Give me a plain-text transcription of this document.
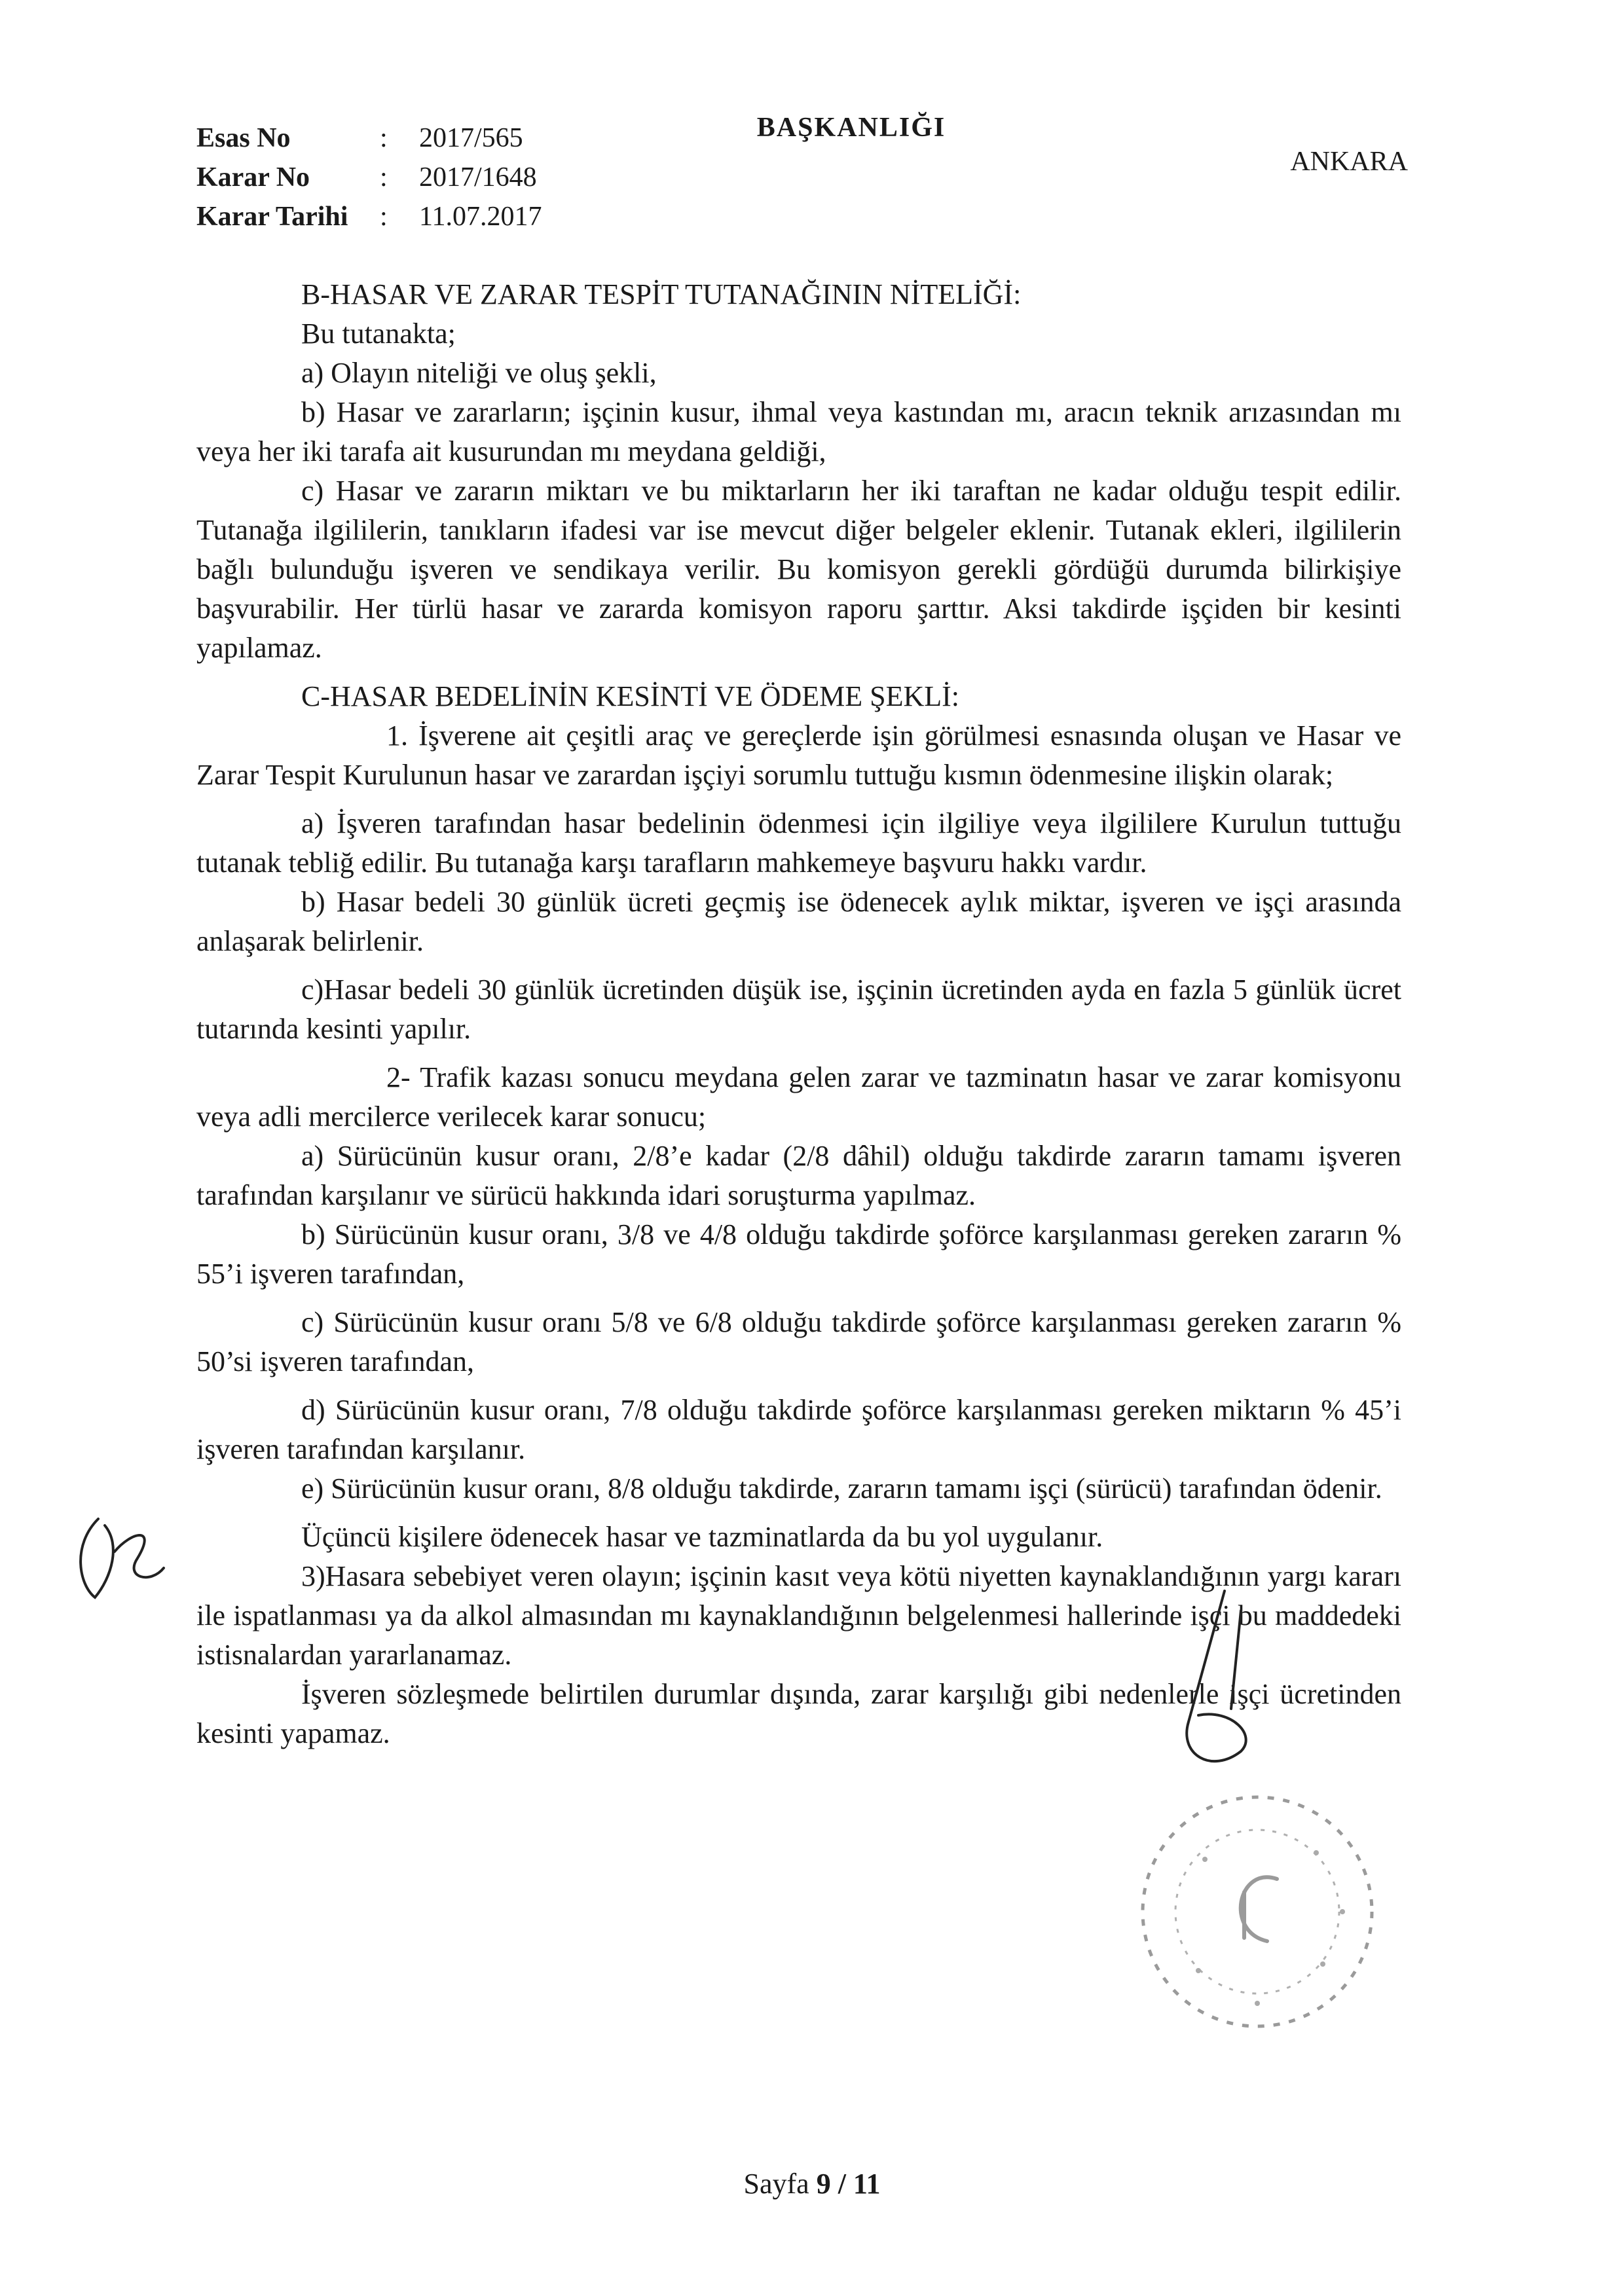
BAŞKANLIĞI
Esas No	:	2017/565
Karar No	:	2017/1648
Karar Tarihi	:	11.07.2017
ANKARA

B-HASAR VE ZARAR TESPİT TUTANAĞININ NİTELİĞİ:

Bu tutanakta;

a) Olayın niteliği ve oluş şekli,

b) Hasar ve zararların; işçinin kusur, ihmal veya kastından mı, aracın teknik arızasından mı veya her iki tarafa ait kusurundan mı meydana geldiği,

c) Hasar ve zararın miktarı ve bu miktarların her iki taraftan ne kadar olduğu tespit edilir. Tutanağa ilgililerin, tanıkların ifadesi var ise mevcut diğer belgeler eklenir. Tutanak ekleri, ilgililerin bağlı bulunduğu işveren ve sendikaya verilir. Bu komisyon gerekli gördüğü durumda bilirkişiye başvurabilir. Her türlü hasar ve zararda komisyon raporu şarttır. Aksi takdirde işçiden bir kesinti yapılamaz.

C-HASAR BEDELİNİN KESİNTİ VE ÖDEME ŞEKLİ:

1. İşverene ait çeşitli araç ve gereçlerde işin görülmesi esnasında oluşan ve Hasar ve Zarar Tespit Kurulunun hasar ve zarardan işçiyi sorumlu tuttuğu kısmın ödenmesine ilişkin olarak;

a) İşveren tarafından hasar bedelinin ödenmesi için ilgiliye veya ilgililere Kurulun tuttuğu tutanak tebliğ edilir. Bu tutanağa karşı tarafların mahkemeye başvuru hakkı vardır.

b) Hasar bedeli 30 günlük ücreti geçmiş ise ödenecek aylık miktar, işveren ve işçi arasında anlaşarak belirlenir.

c)Hasar bedeli 30 günlük ücretinden düşük ise, işçinin ücretinden ayda en fazla 5 günlük ücret tutarında kesinti yapılır.

2- Trafik kazası sonucu meydana gelen zarar ve tazminatın hasar ve zarar komisyonu veya adli mercilerce verilecek karar sonucu;

a) Sürücünün kusur oranı, 2/8’e kadar (2/8 dâhil) olduğu takdirde zararın tamamı işveren tarafından karşılanır ve sürücü hakkında idari soruşturma yapılmaz.

b) Sürücünün kusur oranı, 3/8 ve 4/8 olduğu takdirde şoförce karşılanması gereken zararın % 55’i işveren tarafından,

c) Sürücünün kusur oranı 5/8 ve 6/8 olduğu takdirde şoförce karşılanması gereken zararın % 50’si işveren tarafından,

d) Sürücünün kusur oranı, 7/8 olduğu takdirde şoförce karşılanması gereken miktarın % 45’i işveren tarafından karşılanır.

e) Sürücünün kusur oranı, 8/8 olduğu takdirde, zararın tamamı işçi (sürücü) tarafından ödenir.

Üçüncü kişilere ödenecek hasar ve tazminatlarda da bu yol uygulanır.

3)Hasara sebebiyet veren olayın; işçinin kasıt veya kötü niyetten kaynaklandığının yargı kararı ile ispatlanması ya da alkol almasından mı kaynaklandığının belgelenmesi hallerinde işçi bu maddedeki istisnalardan yararlanamaz.

İşveren sözleşmede belirtilen durumlar dışında, zarar karşılığı gibi nedenlerle işçi ücretinden kesinti yapamaz.

Sayfa 9 / 11
